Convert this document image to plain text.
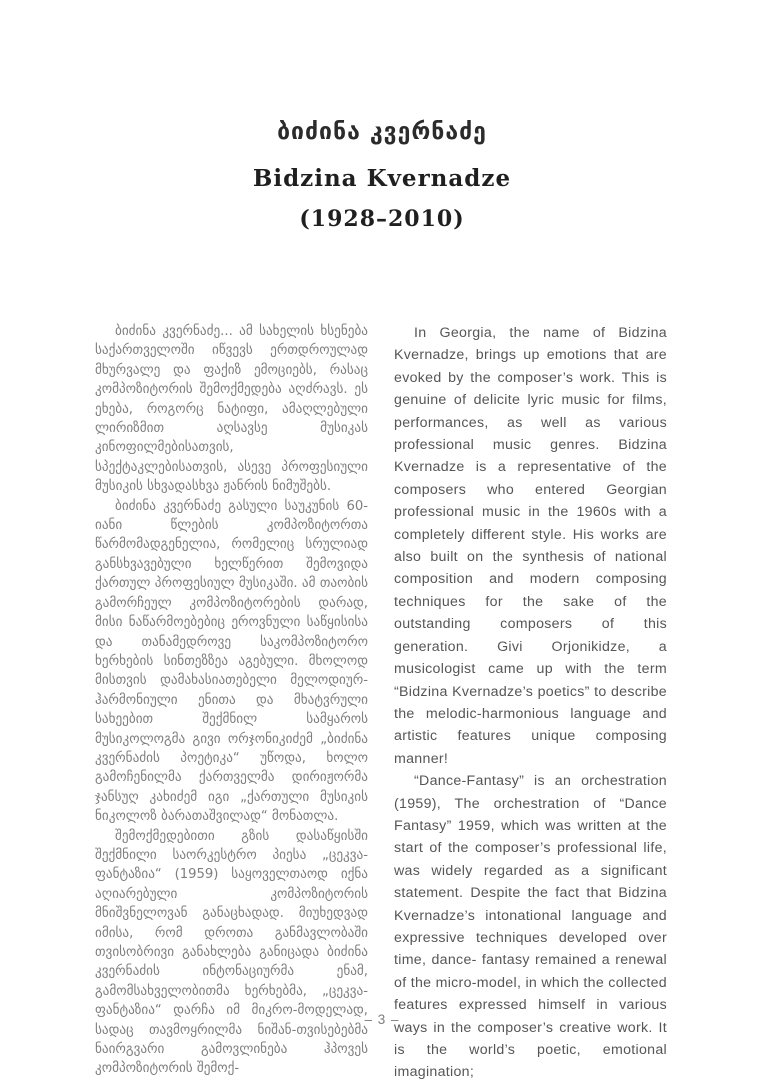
ბიძინა კვერნაძე
Bidzina Kvernadze
(1928–2010)

ბიძინა კვერნაძე... ამ სახელის ხსენება საქართველოში იწვევს ერთდროულად მხურვალე და ფაქიზ ემოციებს, რასაც კომპოზიტორის შემოქმედება აღძრავს. ეს ეხება, როგორც ნატიფი, ამაღლებული ლირიზმით აღსავსე მუსიკას კინოფილმებისათვის, სპექტაკლებისათვის, ასევე პროფესიული მუსიკის სხვადასხვა ჟანრის ნიმუშებს.

ბიძინა კვერნაძე გასული საუკუნის 60-იანი წლების კომპოზიტორთა წარმომადგენელია, რომელიც სრულიად განსხვავებული ხელწერით შემოვიდა ქართულ პროფესიულ მუსიკაში. ამ თაობის გამორჩეულ კომპოზიტორების დარად, მისი ნაწარმოებებიც ეროვნული საწყისისა და თანამედროვე საკომპოზიტორო ხერხების სინთეზზეა აგებული. მხოლოდ მისთვის დამახასიათებელი მელოდიურ-ჰარმონიული ენითა და მხატვრული სახეებით შექმნილ სამყაროს მუსიკოლოგმა გივი ორჯონიკიძემ „ბიძინა კვერნაძის პოეტიკა“ უწოდა, ხოლო გამოჩენილმა ქართველმა დირიჟორმა ჯანსუღ კახიძემ იგი „ქართული მუსიკის ნიკოლოზ ბარათაშვილად“ მონათლა.

შემოქმედებითი გზის დასაწყისში შექმნილი საორკესტრო პიესა „ცეკვა-ფანტაზია“ (1959) საყოველთაოდ იქნა აღიარებული კომპოზიტორის მნიშვნელოვან განაცხადად. მიუხედვად იმისა, რომ დროთა განმავლობაში თვისობრივი განახლება განიცადა ბიძინა კვერნაძის ინტონაციურმა ენამ, გამომსახველობითმა ხერხებმა, „ცეკვა- ფანტაზია“ დარჩა იმ მიკრო-მოდელად, სადაც თავმოყრილმა ნიშან-თვისებებმა ნაირგვარი გამოვლინება ჰპოვეს კომპოზიტორის შემოქ-

In Georgia, the name of Bidzina Kvernadze, brings up emotions that are evoked by the composer’s work. This is genuine of delicite lyric music for films, performances, as well as various professional music genres. Bidzina Kvernadze is a representative of the composers who entered Georgian professional music in the 1960s with a completely different style. His works are also built on the synthesis of national composition and modern composing techniques for the sake of the outstanding composers of this generation. Givi Orjonikidze, a musicologist came up with the term “Bidzina Kvernadze’s poetics” to describe the melodic-harmonious language and artistic features unique composing manner!

“Dance-Fantasy” is an orchestration (1959), The orchestration of “Dance Fantasy” 1959, which was written at the start of the composer’s professional life, was widely regarded as a significant statement. Despite the fact that Bidzina Kvernadze’s intonational language and expressive techniques developed over time, dance- fantasy remained a renewal of the micro-model, in which the collected features expressed himself in various ways in the composer’s creative work. It is the world’s poetic, emotional imagination;

– 3 –
